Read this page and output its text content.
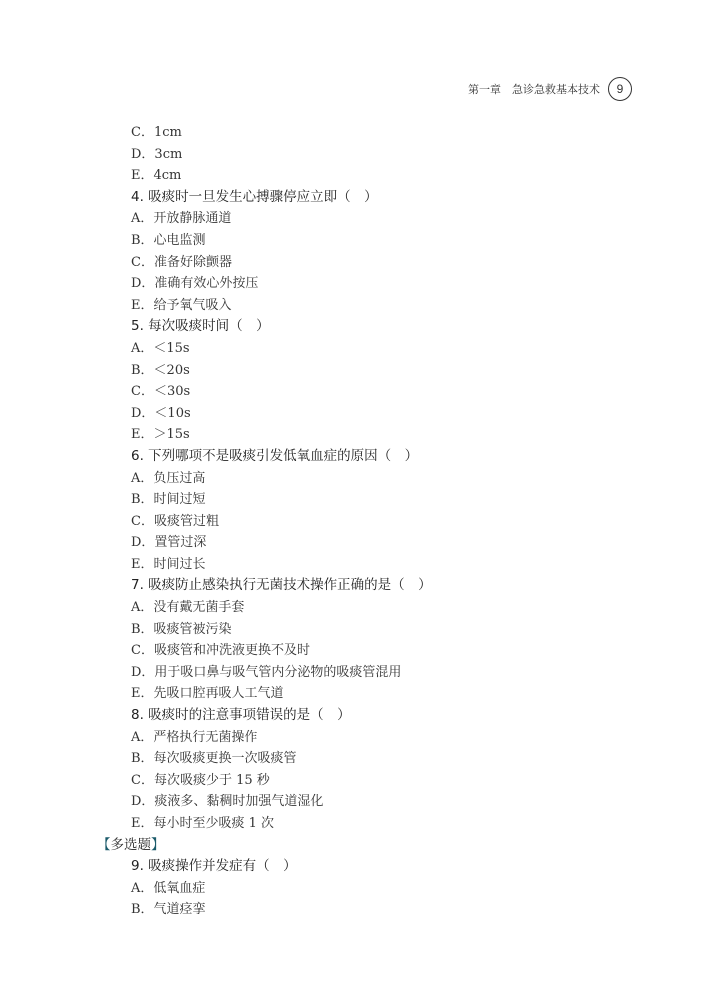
第一章　急诊急救基本技术	9
C．1cm
D．3cm
E．4cm
4. 吸痰时一旦发生心搏骤停应立即（　）
A．开放静脉通道
B．心电监测
C．准备好除颤器
D．准确有效心外按压
E．给予氧气吸入
5. 每次吸痰时间（　）
A．＜15s
B．＜20s
C．＜30s
D．＜10s
E．＞15s
6. 下列哪项不是吸痰引发低氧血症的原因（　）
A．负压过高
B．时间过短
C．吸痰管过粗
D．置管过深
E．时间过长
7. 吸痰防止感染执行无菌技术操作正确的是（　）
A．没有戴无菌手套
B．吸痰管被污染
C．吸痰管和冲洗液更换不及时
D．用于吸口鼻与吸气管内分泌物的吸痰管混用
E．先吸口腔再吸人工气道
8. 吸痰时的注意事项错误的是（　）
A．严格执行无菌操作
B．每次吸痰更换一次吸痰管
C．每次吸痰少于 15 秒
D．痰液多、黏稠时加强气道湿化
E．每小时至少吸痰 1 次
【多选题】
9. 吸痰操作并发症有（　）
A．低氧血症
B．气道痉挛
